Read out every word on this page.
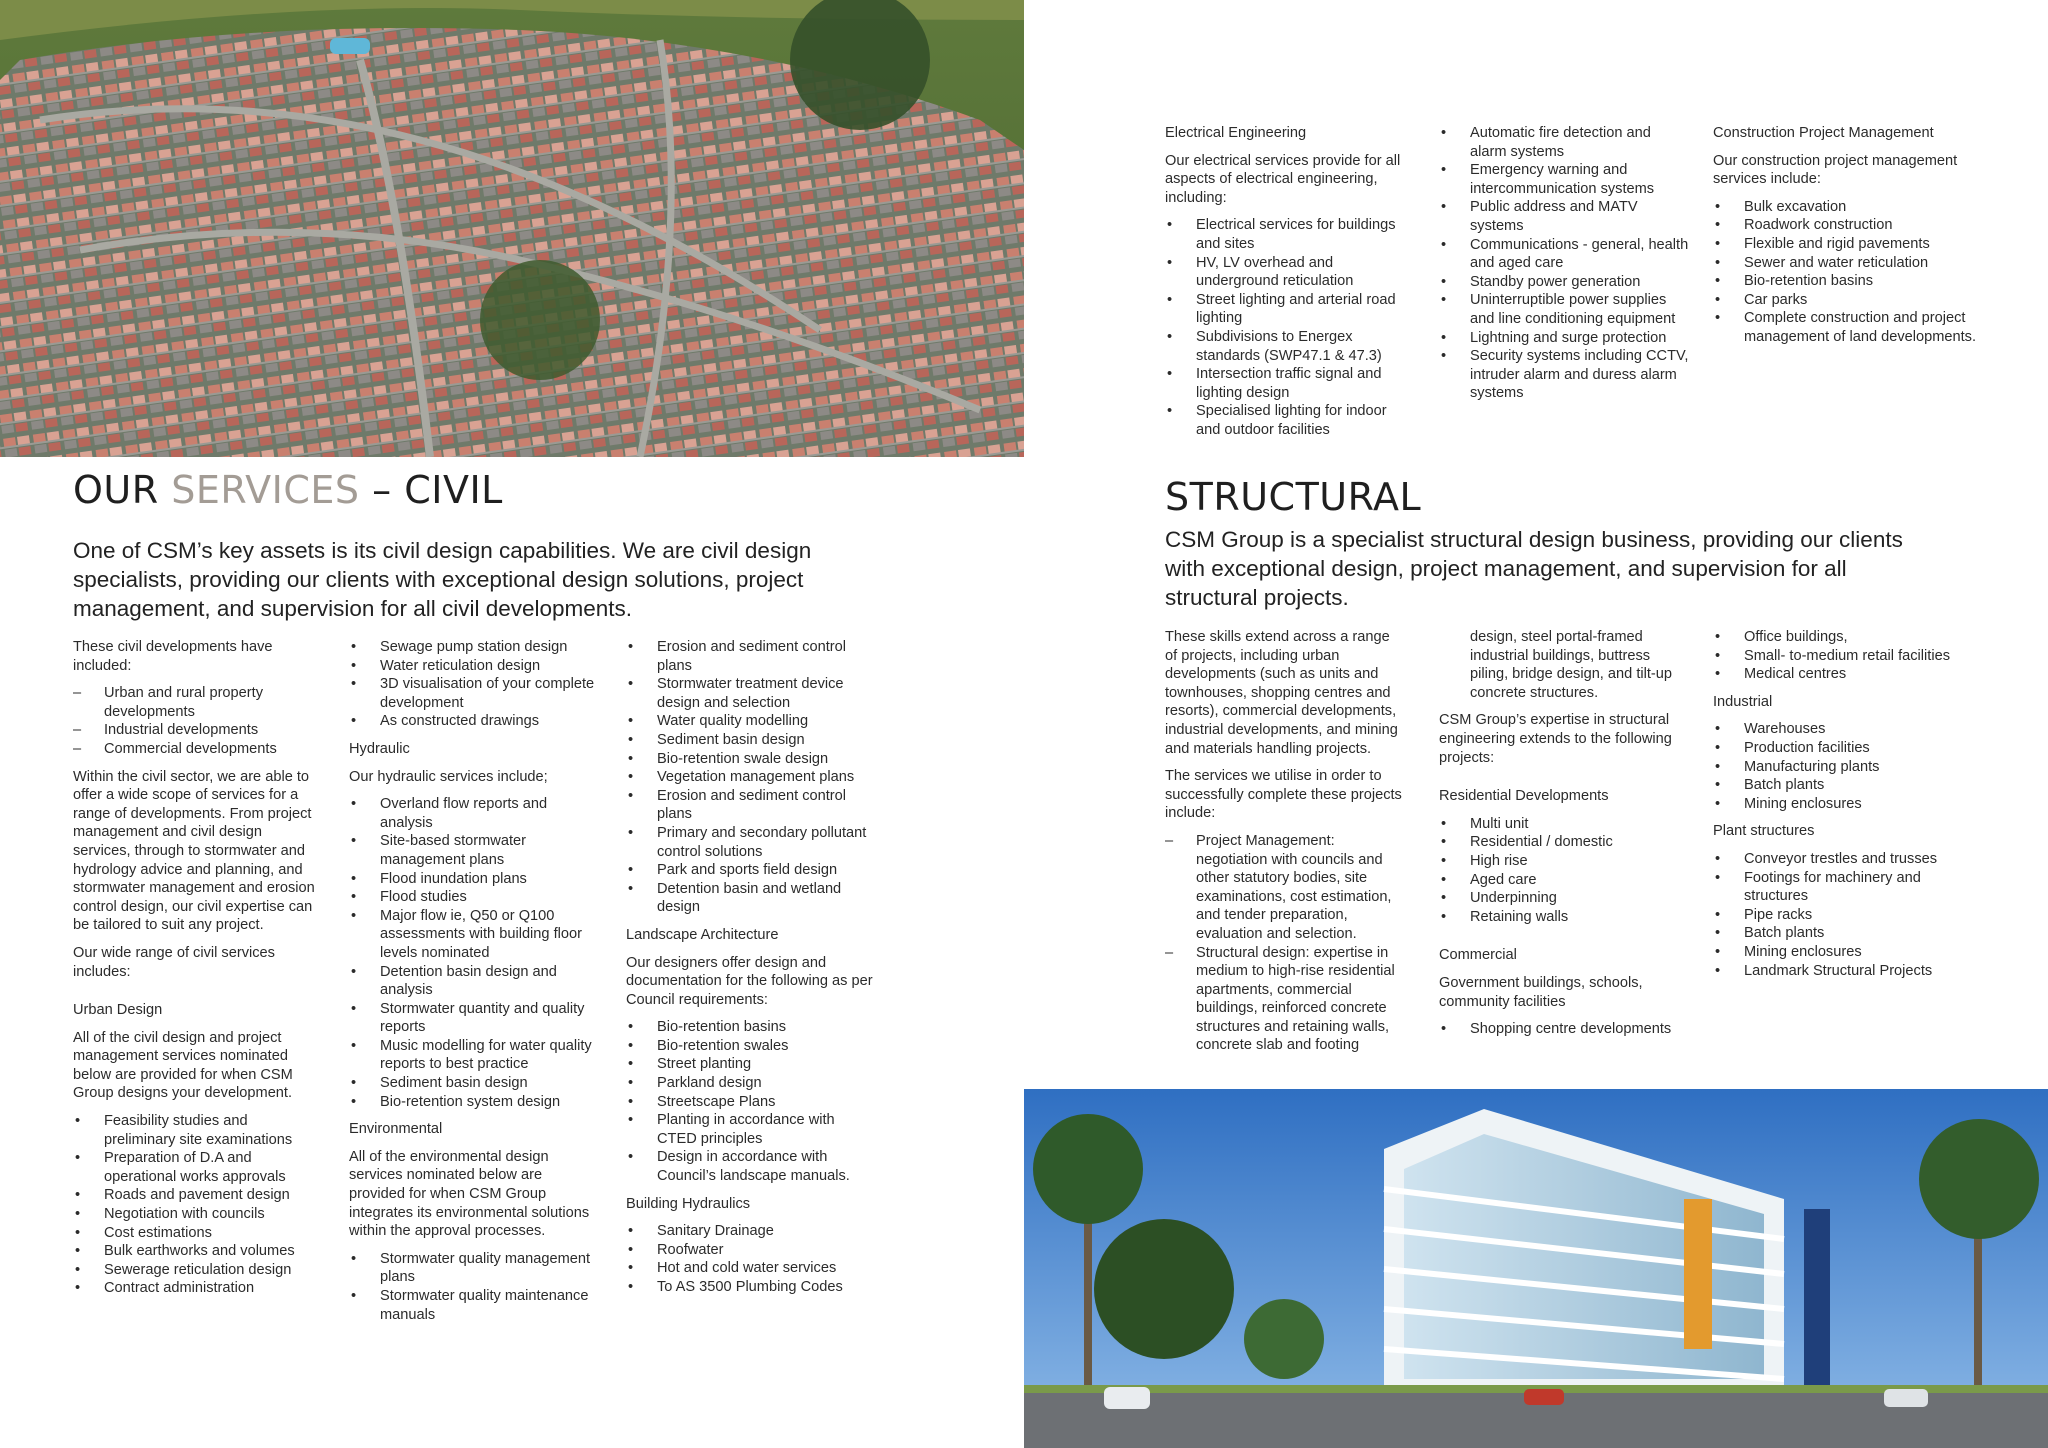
OUR SERVICES – CIVIL
One of CSM’s key assets is its civil design capabilities. We are civil design specialists, providing our clients with exceptional design solutions, project management, and supervision for all civil developments.

These civil developments have included:

– Urban and rural property developments
– Industrial developments
– Commercial developments

Within the civil sector, we are able to offer a wide scope of services for a range of developments. From project management and civil design services, through to stormwater and hydrology advice and planning, and stormwater management and erosion control design, our civil expertise can be tailored to suit any project.

Our wide range of civil services includes:

Urban Design

All of the civil design and project management services nominated below are provided for when CSM Group designs your development.

• Feasibility studies and preliminary site examinations
• Preparation of D.A and operational works approvals
• Roads and pavement design
• Negotiation with councils
• Cost estimations
• Bulk earthworks and volumes
• Sewerage reticulation design
• Contract administration
• Sewage pump station design
• Water reticulation design
• 3D visualisation of your complete development
• As constructed drawings

Hydraulic

Our hydraulic services include;

• Overland flow reports and analysis
• Site-based stormwater management plans
• Flood inundation plans
• Flood studies
• Major flow ie, Q50 or Q100 assessments with building floor levels nominated
• Detention basin design and analysis
• Stormwater quantity and quality reports
• Music modelling for water quality reports to best practice
• Sediment basin design
• Bio-retention system design

Environmental

All of the environmental design services nominated below are provided for when CSM Group integrates its environmental solutions within the approval processes.

• Stormwater quality management plans
• Stormwater quality maintenance manuals
• Erosion and sediment control plans
• Stormwater treatment device design and selection
• Water quality modelling
• Sediment basin design
• Bio-retention swale design
• Vegetation management plans
• Erosion and sediment control plans
• Primary and secondary pollutant control solutions
• Park and sports field design
• Detention basin and wetland design

Landscape Architecture

Our designers offer design and documentation for the following as per Council requirements:

• Bio-retention basins
• Bio-retention swales
• Street planting
• Parkland design
• Streetscape Plans
• Planting in accordance with CTED principles
• Design in accordance with Council’s landscape manuals.

Building Hydraulics

• Sanitary Drainage
• Roofwater
• Hot and cold water services
• To AS 3500 Plumbing Codes

Electrical Engineering

Our electrical services provide for all aspects of electrical engineering, including:

• Electrical services for buildings and sites
• HV, LV overhead and underground reticulation
• Street lighting and arterial road lighting
• Subdivisions to Energex standards (SWP47.1 & 47.3)
• Intersection traffic signal and lighting design
• Specialised lighting for indoor and outdoor facilities
• Automatic fire detection and alarm systems
• Emergency warning and intercommunication systems
• Public address and MATV systems
• Communications - general, health and aged care
• Standby power generation
• Uninterruptible power supplies and line conditioning equipment
• Lightning and surge protection
• Security systems including CCTV, intruder alarm and duress alarm systems

Construction Project Management

Our construction project management services include:

• Bulk excavation
• Roadwork construction
• Flexible and rigid pavements
• Sewer and water reticulation
• Bio-retention basins
• Car parks
• Complete construction and project management of land developments.
STRUCTURAL
CSM Group is a specialist structural design business, providing our clients with exceptional design, project management, and supervision for all structural projects.

These skills extend across a range of projects, including urban developments (such as units and townhouses, shopping centres and resorts), commercial developments, industrial developments, and mining and materials handling projects.

The services we utilise in order to successfully complete these projects include:

– Project Management: negotiation with councils and other statutory bodies, site examinations, cost estimation, and tender preparation, evaluation and selection.
– Structural design: expertise in medium to high-rise residential apartments, commercial buildings, reinforced concrete structures and retaining walls, concrete slab and footing

design, steel portal-framed industrial buildings, buttress piling, bridge design, and tilt-up concrete structures.

CSM Group’s expertise in structural engineering extends to the following projects:

Residential Developments

• Multi unit
• Residential / domestic
• High rise
• Aged care
• Underpinning
• Retaining walls

Commercial

Government buildings, schools, community facilities

• Shopping centre developments
• Office buildings,
• Small- to-medium retail facilities
• Medical centres

Industrial

• Warehouses
• Production facilities
• Manufacturing plants
• Batch plants
• Mining enclosures

Plant structures

• Conveyor trestles and trusses
• Footings for machinery and structures
• Pipe racks
• Batch plants
• Mining enclosures
• Landmark Structural Projects
